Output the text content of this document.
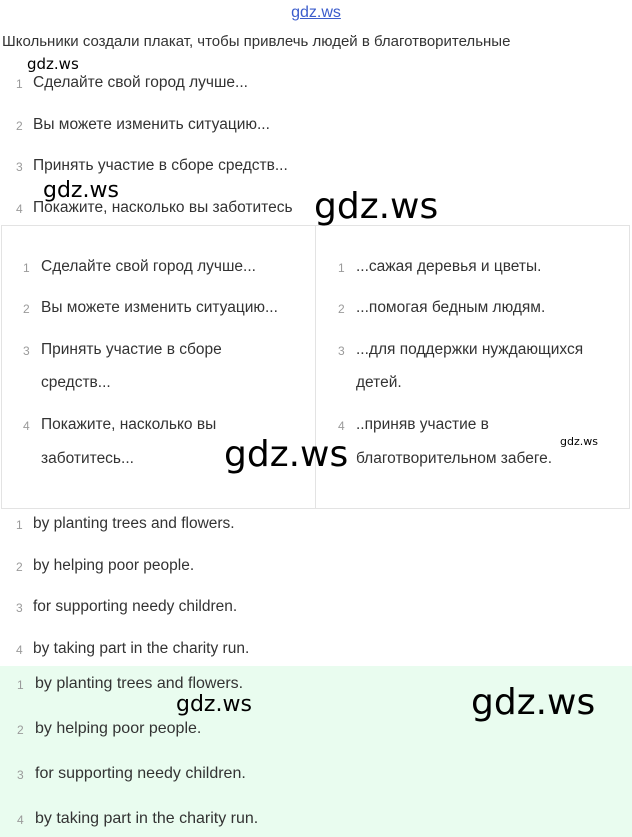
gdz.ws
Школьники создали плакат, чтобы привлечь людей в благотворительные
1 Сделайте свой город лучше...
2 Вы можете изменить ситуацию...
3 Принять участие в сборе средств...
4 Покажите, насколько вы заботитесь
1 Сделайте свой город лучше...
2 Вы можете изменить ситуацию...
3 Принять участие в сборе
средств...
4 Покажите, насколько вы
заботитесь...
1 ...сажая деревья и цветы.
2 ...помогая бедным людям.
3 ...для поддержки нуждающихся
детей.
4 ..приняв участие в
благотворительном забеге.
1 by planting trees and flowers.
2 by helping poor people.
3 for supporting needy children.
4 by taking part in the charity run.
1 by planting trees and flowers.
2 by helping poor people.
3 for supporting needy children.
4 by taking part in the charity run.
gdz.ws
gdz.ws	gdz.ws
gdz.ws	gdz.ws
gdz.ws	gdz.ws
